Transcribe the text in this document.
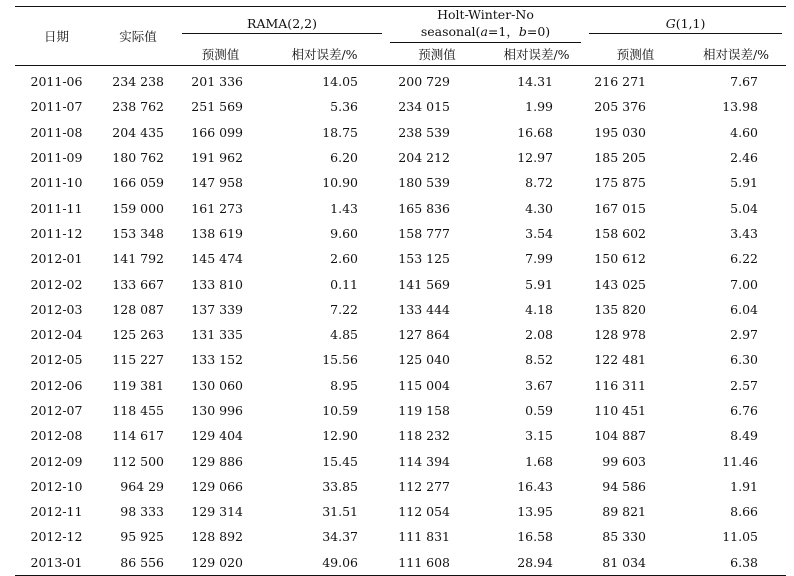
日期	实际值	RAMA(2,2)		Holt-Winter-No seasonal(a=1，b=0)		G(1,1)	

		预测值	相对误差/%	预测值	相对误差/%	预测值	相对误差/%
2011-06	234 238	201 336	14.05	200 729	14.31	216 271	7.67
2011-07	238 762	251 569	5.36	234 015	1.99	205 376	13.98
2011-08	204 435	166 099	18.75	238 539	16.68	195 030	4.60
2011-09	180 762	191 962	6.20	204 212	12.97	185 205	2.46
2011-10	166 059	147 958	10.90	180 539	8.72	175 875	5.91
2011-11	159 000	161 273	1.43	165 836	4.30	167 015	5.04
2011-12	153 348	138 619	9.60	158 777	3.54	158 602	3.43
2012-01	141 792	145 474	2.60	153 125	7.99	150 612	6.22
2012-02	133 667	133 810	0.11	141 569	5.91	143 025	7.00
2012-03	128 087	137 339	7.22	133 444	4.18	135 820	6.04
2012-04	125 263	131 335	4.85	127 864	2.08	128 978	2.97
2012-05	115 227	133 152	15.56	125 040	8.52	122 481	6.30
2012-06	119 381	130 060	8.95	115 004	3.67	116 311	2.57
2012-07	118 455	130 996	10.59	119 158	0.59	110 451	6.76
2012-08	114 617	129 404	12.90	118 232	3.15	104 887	8.49
2012-09	112 500	129 886	15.45	114 394	1.68	99 603	11.46
2012-10	964 29	129 066	33.85	112 277	16.43	94 586	1.91
2012-11	98 333	129 314	31.51	112 054	13.95	89 821	8.66
2012-12	95 925	128 892	34.37	111 831	16.58	85 330	11.05
2013-01	86 556	129 020	49.06	111 608	28.94	81 034	6.38
